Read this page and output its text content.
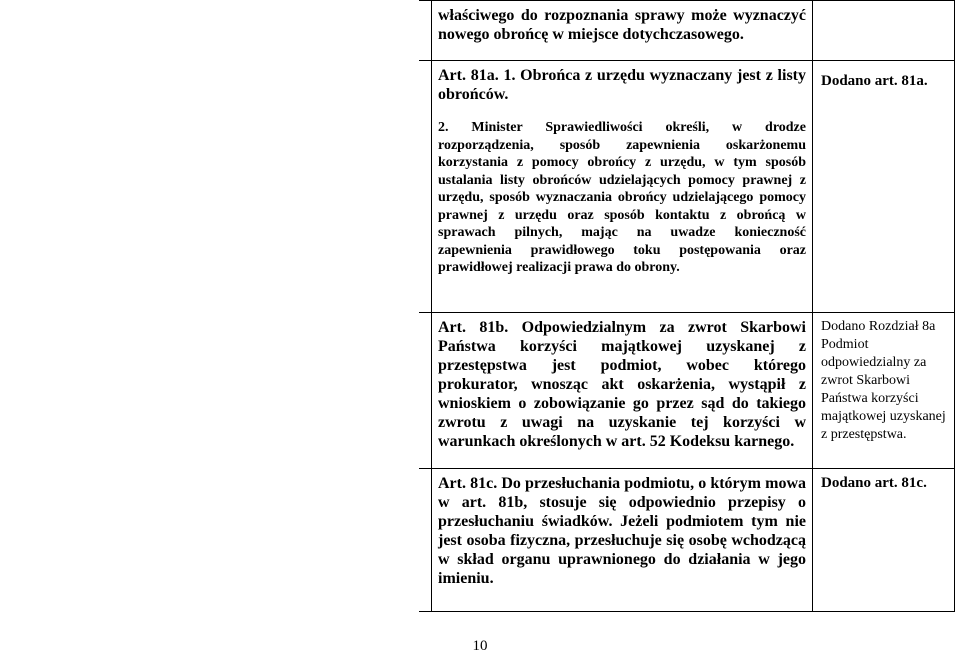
	właściwego do rozpoznania sprawy może wyznaczyć nowego obrońcę w miejsce dotychczasowego.	

	Art. 81a. 1. Obrońca z urzędu wyznaczany jest z listy obrońców.

2. Minister Sprawiedliwości określi, w drodze rozporządzenia, sposób zapewnienia oskarżonemu korzystania z pomocy obrońcy z urzędu, w tym sposób ustalania listy obrońców udzielających pomocy prawnej z urzędu, sposób wyznaczania obrońcy udzielającego pomocy prawnej z urzędu oraz sposób kontaktu z obrońcą w sprawach pilnych, mając na uwadze konieczność zapewnienia prawidłowego toku postępowania oraz prawidłowej realizacji prawa do obrony.	Dodano art. 81a.

	Art. 81b. Odpowiedzialnym za zwrot Skarbowi Państwa korzyści majątkowej uzyskanej z przestępstwa jest podmiot, wobec którego prokurator, wnosząc akt oskarżenia, wystąpił z wnioskiem o zobowiązanie go przez sąd do takiego zwrotu z uwagi na uzyskanie tej korzyści w warunkach określonych w art. 52 Kodeksu karnego.	Dodano Rozdział 8a Podmiot odpowiedzialny za zwrot Skarbowi Państwa korzyści majątkowej uzyskanej z przestępstwa.

	Art. 81c. Do przesłuchania podmiotu, o którym mowa w art. 81b, stosuje się odpowiednio przepisy o przesłuchaniu świadków. Jeżeli podmiotem tym nie jest osoba fizyczna, przesłuchuje się osobę wchodzącą w skład organu uprawnionego do działania w jego imieniu.	Dodano art. 81c.
10
